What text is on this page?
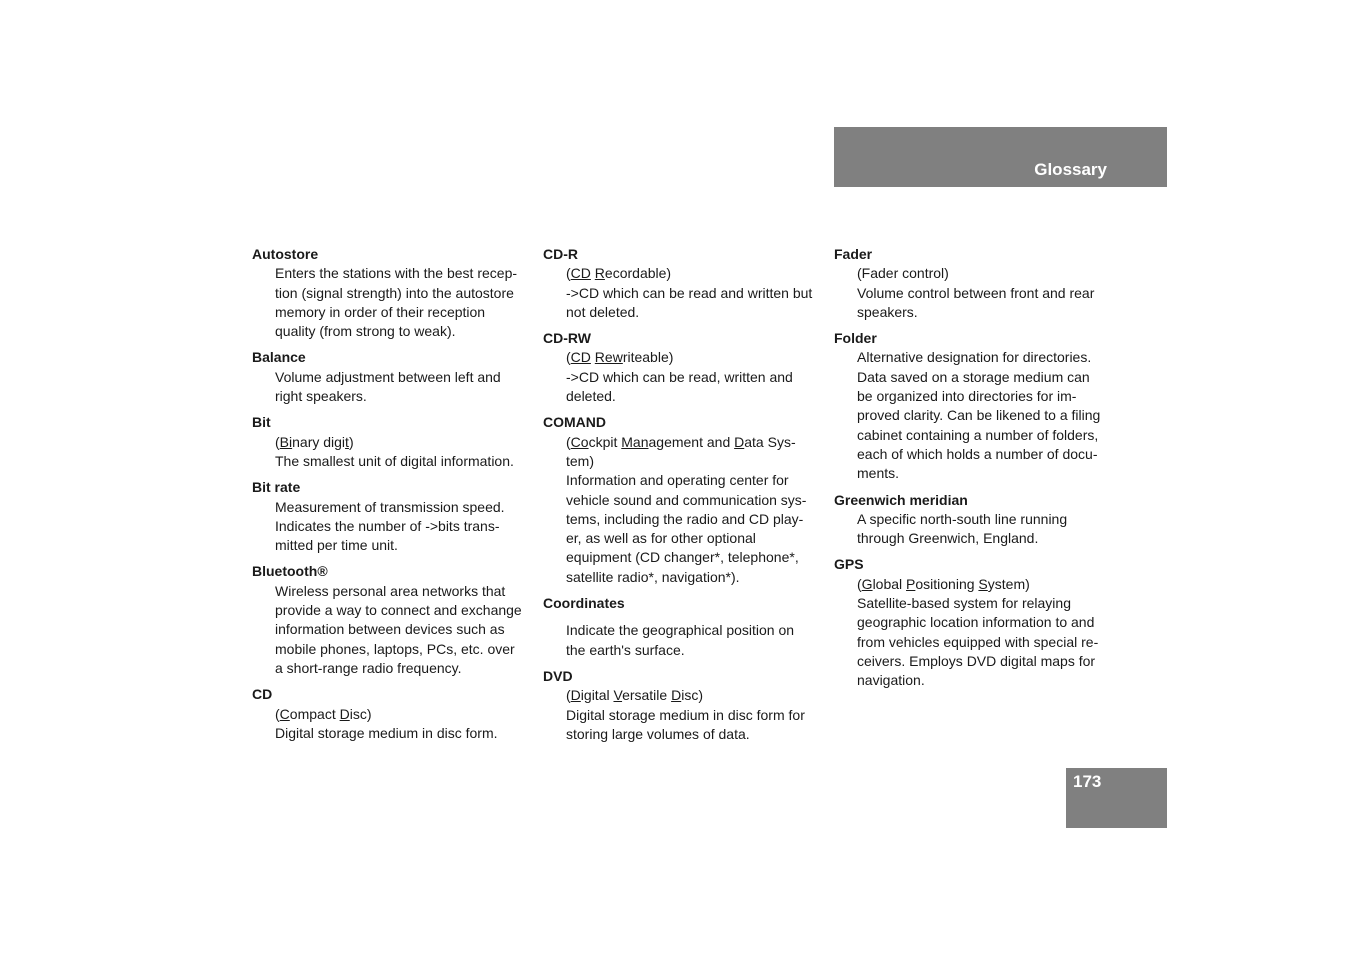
Glossary
Autostore
Enters the stations with the best recep-
tion (signal strength) into the autostore
memory in order of their reception
quality (from strong to weak).
Balance
Volume adjustment between left and
right speakers.
Bit
(Binary digit)
The smallest unit of digital information.
Bit rate
Measurement of transmission speed.
Indicates the number of ->bits trans-
mitted per time unit.
Bluetooth®
Wireless personal area networks that
provide a way to connect and exchange
information between devices such as
mobile phones, laptops, PCs, etc. over
a short-range radio frequency.
CD
(Compact Disc)
Digital storage medium in disc form.
CD-R
(CD Recordable)
->CD which can be read and written but
not deleted.
CD-RW
(CD Rewriteable)
->CD which can be read, written and
deleted.
COMAND
(Cockpit Management and Data Sys-
tem)
Information and operating center for
vehicle sound and communication sys-
tems, including the radio and CD play-
er, as well as for other optional
equipment (CD changer*, telephone*,
satellite radio*, navigation*).
Coordinates
Indicate the geographical position on
the earth's surface.
DVD
(Digital Versatile Disc)
Digital storage medium in disc form for
storing large volumes of data.
Fader
(Fader control)
Volume control between front and rear
speakers.
Folder
Alternative designation for directories.
Data saved on a storage medium can
be organized into directories for im-
proved clarity. Can be likened to a filing
cabinet containing a number of folders,
each of which holds a number of docu-
ments.
Greenwich meridian
A specific north-south line running
through Greenwich, England.
GPS
(Global Positioning System)
Satellite-based system for relaying
geographic location information to and
from vehicles equipped with special re-
ceivers. Employs DVD digital maps for
navigation.
173
